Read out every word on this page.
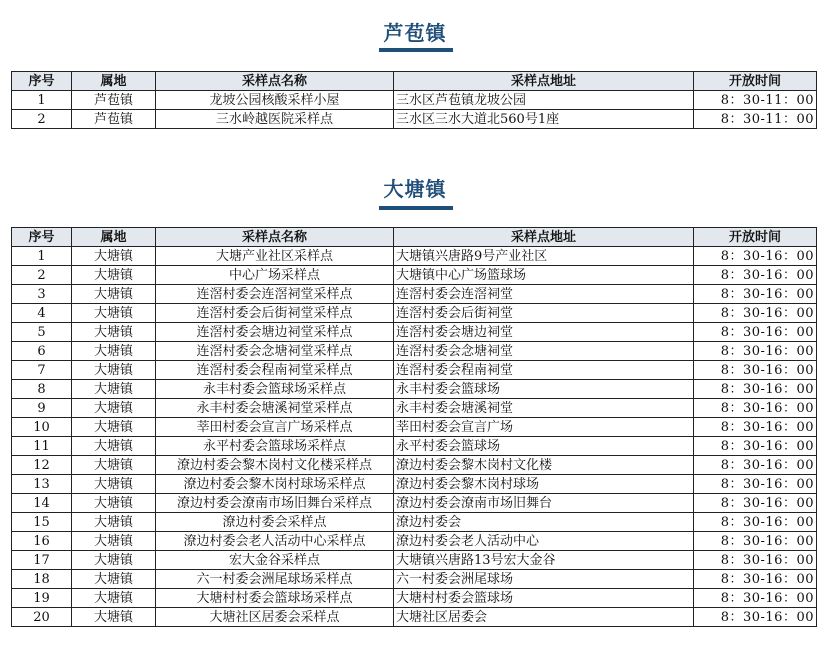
芦苞镇
序号	属地	采样点名称	采样点地址	开放时间
1	芦苞镇	龙坡公园核酸采样小屋	三水区芦苞镇龙坡公园	8：30-11：00
2	芦苞镇	三水岭越医院采样点	三水区三水大道北560号1座	8：30-11：00
大塘镇
序号	属地	采样点名称	采样点地址	开放时间
1	大塘镇	大塘产业社区采样点	大塘镇兴唐路9号产业社区	8：30-16：00
2	大塘镇	中心广场采样点	大塘镇中心广场篮球场	8：30-16：00
3	大塘镇	连滘村委会连滘祠堂采样点	连滘村委会连滘祠堂	8：30-16：00
4	大塘镇	连滘村委会后街祠堂采样点	连滘村委会后街祠堂	8：30-16：00
5	大塘镇	连滘村委会塘边祠堂采样点	连滘村委会塘边祠堂	8：30-16：00
6	大塘镇	连滘村委会念塘祠堂采样点	连滘村委会念塘祠堂	8：30-16：00
7	大塘镇	连滘村委会程南祠堂采样点	连滘村委会程南祠堂	8：30-16：00
8	大塘镇	永丰村委会篮球场采样点	永丰村委会篮球场	8：30-16：00
9	大塘镇	永丰村委会塘溪祠堂采样点	永丰村委会塘溪祠堂	8：30-16：00
10	大塘镇	莘田村委会宣言广场采样点	莘田村委会宣言广场	8：30-16：00
11	大塘镇	永平村委会篮球场采样点	永平村委会篮球场	8：30-16：00
12	大塘镇	潦边村委会黎木岗村文化楼采样点	潦边村委会黎木岗村文化楼	8：30-16：00
13	大塘镇	潦边村委会黎木岗村球场采样点	潦边村委会黎木岗村球场	8：30-16：00
14	大塘镇	潦边村委会潦南市场旧舞台采样点	潦边村委会潦南市场旧舞台	8：30-16：00
15	大塘镇	潦边村委会采样点	潦边村委会	8：30-16：00
16	大塘镇	潦边村委会老人活动中心采样点	潦边村委会老人活动中心	8：30-16：00
17	大塘镇	宏大金谷采样点	大塘镇兴唐路13号宏大金谷	8：30-16：00
18	大塘镇	六一村委会洲尾球场采样点	六一村委会洲尾球场	8：30-16：00
19	大塘镇	大塘村村委会篮球场采样点	大塘村村委会篮球场	8：30-16：00
20	大塘镇	大塘社区居委会采样点	大塘社区居委会	8：30-16：00
